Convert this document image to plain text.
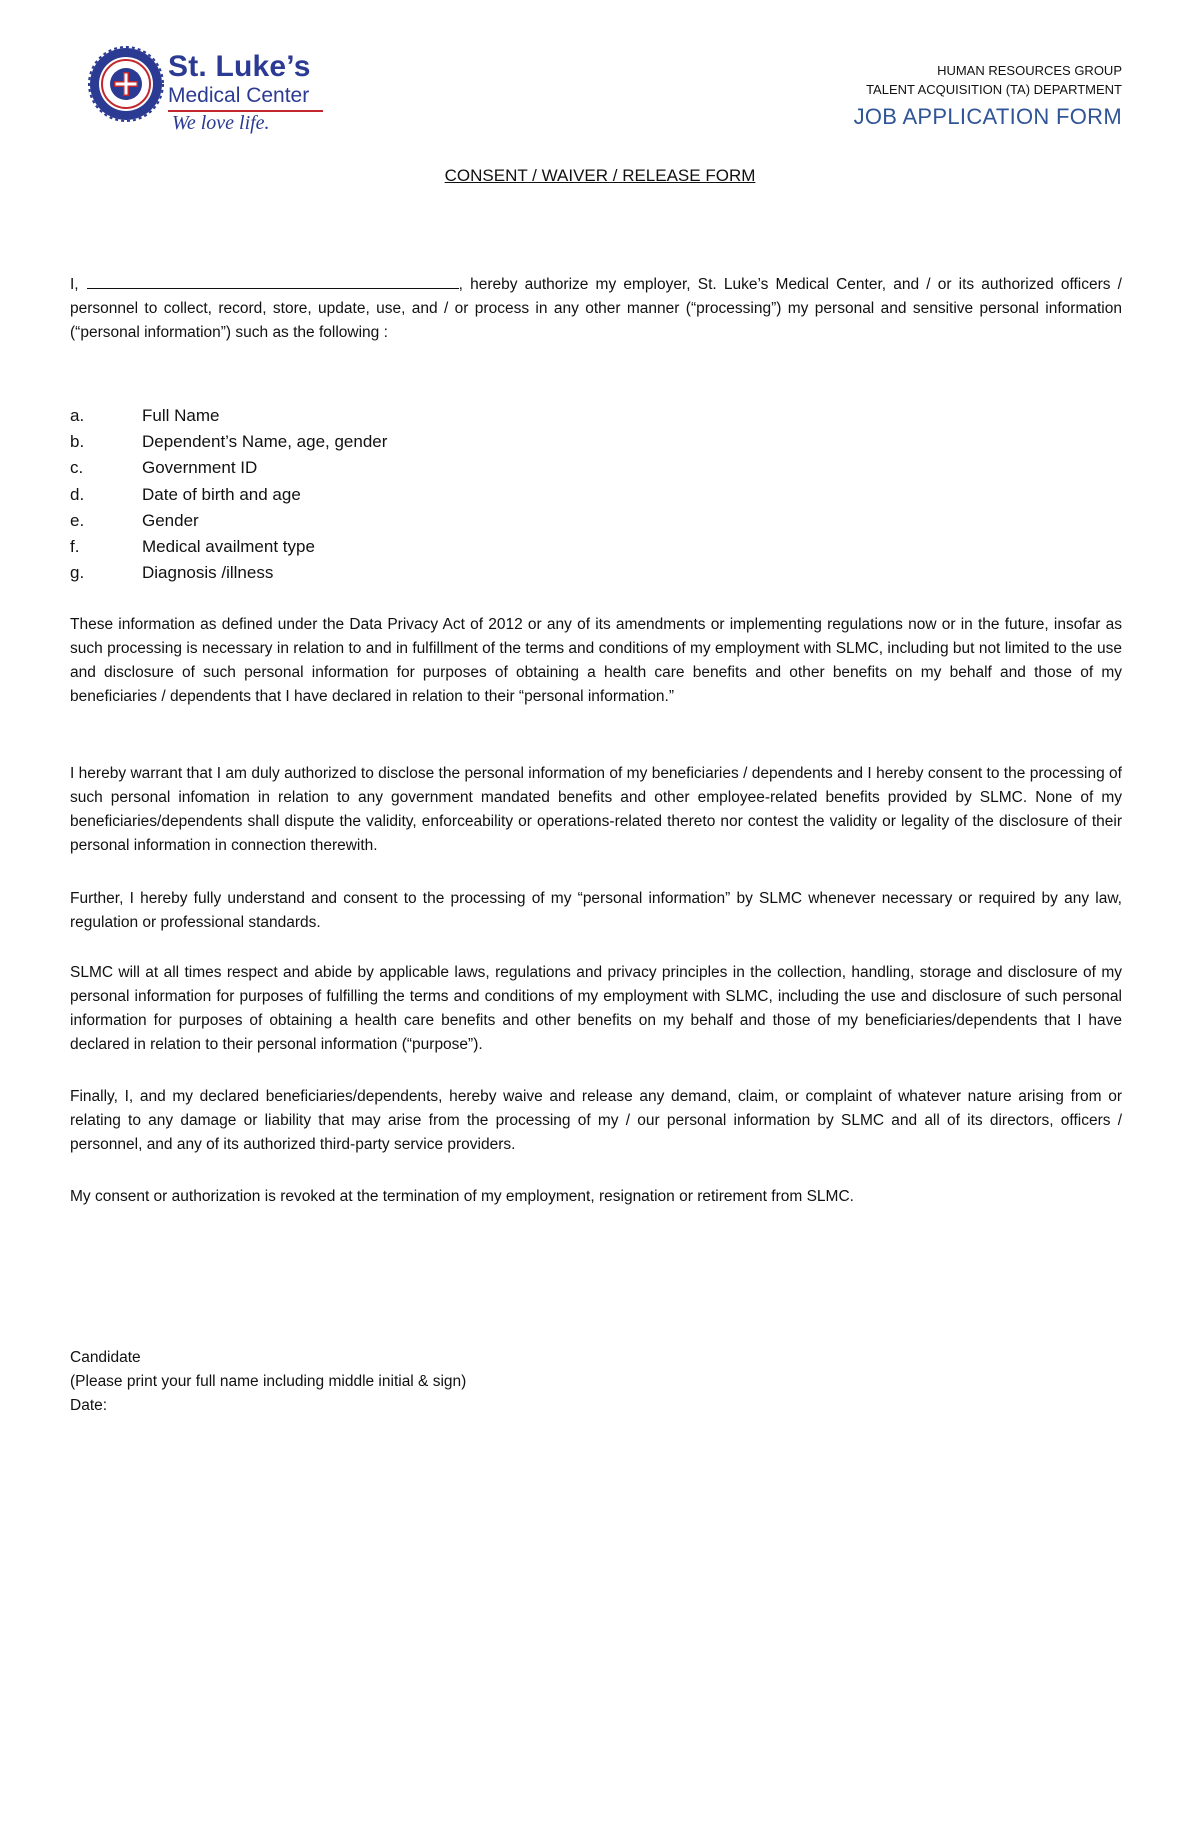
St. Luke’s
Medical Center
We love life.
HUMAN RESOURCES GROUP
TALENT ACQUISITION (TA) DEPARTMENT
JOB APPLICATION FORM
CONSENT / WAIVER / RELEASE FORM
I,	, hereby authorize my employer, St. Luke’s Medical Center, and / or its authorized officers / personnel to collect, record, store, update, use, and / or process in any other manner (“processing”) my personal and sensitive personal information (“personal information”) such as the following :
a.	Full Name
b.	Dependent’s Name, age, gender
c.	Government ID
d.	Date of birth and age
e.	Gender
f.	Medical availment type
g.	Diagnosis /illness
These information as defined under the Data Privacy Act of 2012 or any of its amendments or implementing regulations now or in the future, insofar as such processing is necessary in relation to and in fulfillment of the terms and conditions of my employment with SLMC, including but not limited to the use and disclosure of such personal information for purposes of obtaining a health care benefits and other benefits on my behalf and those of my beneficiaries / dependents that I have declared in relation to their “personal information.”
I hereby warrant that I am duly authorized to disclose the personal information of my beneficiaries / dependents and I hereby consent to the processing of such personal infomation in relation to any government mandated benefits and other employee-related benefits provided by SLMC. None of my beneficiaries/dependents shall dispute the validity, enforceability or operations-related thereto nor contest the validity or legality of the disclosure of their personal information in connection therewith.
Further, I hereby fully understand and consent to the processing of my “personal information” by SLMC whenever necessary or required by any law, regulation or professional standards.
SLMC will at all times respect and abide by applicable laws, regulations and privacy principles in the collection, handling, storage and disclosure of my personal information for purposes of fulfilling the terms and conditions of my employment with SLMC, including the use and disclosure of such personal information for purposes of obtaining a health care benefits and other benefits on my behalf and those of my beneficiaries/dependents that I have declared in relation to their personal information (“purpose”).
Finally, I, and my declared beneficiaries/dependents, hereby waive and release any demand, claim, or complaint of whatever nature arising from or relating to any damage or liability that may arise from the processing of my / our personal information by SLMC and all of its directors, officers / personnel, and any of its authorized third-party service providers.
My consent or authorization is revoked at the termination of my employment, resignation or retirement from SLMC.
Candidate
(Please print your full name including middle initial & sign)
Date:
